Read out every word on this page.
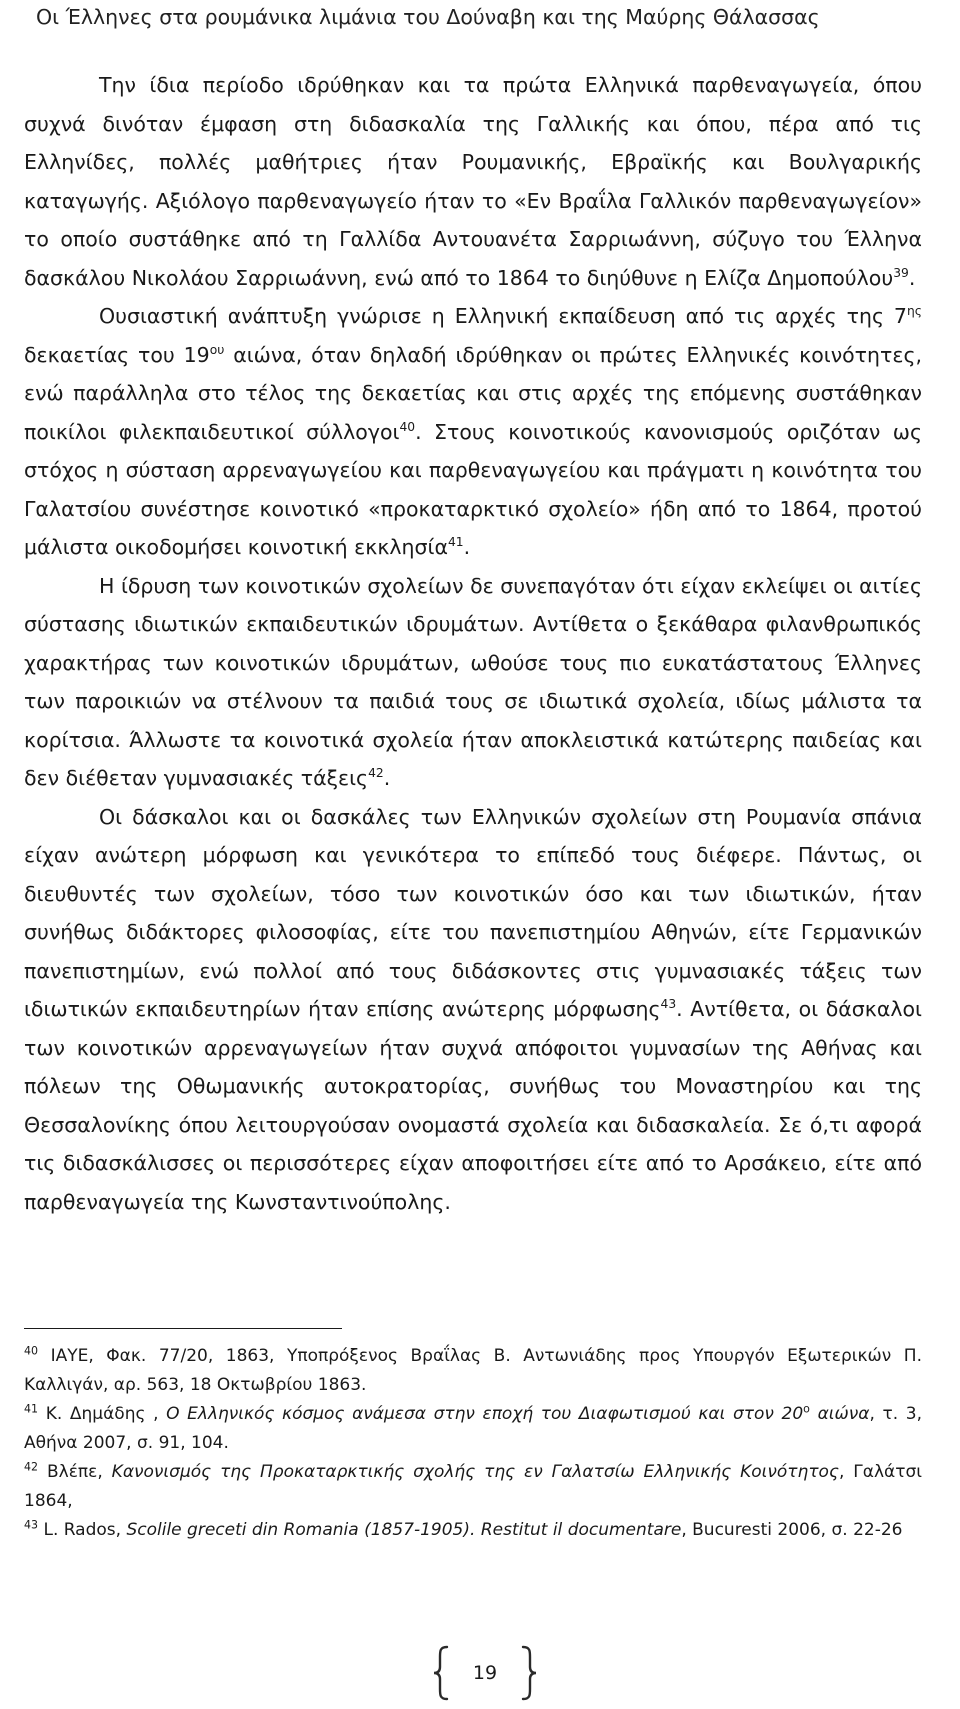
Οι Έλληνες στα ρουμάνικα λιμάνια του Δούναβη και της Μαύρης Θάλασσας

Την ίδια περίοδο ιδρύθηκαν και τα πρώτα Ελληνικά παρθεναγωγεία, όπου συχνά δινόταν έμφαση στη διδασκαλία της Γαλλικής και όπου, πέρα από τις Ελληνίδες, πολλές μαθήτριες ήταν Ρουμανικής, Εβραϊκής και Βουλγαρικής καταγωγής. Αξιόλογο παρθεναγωγείο ήταν το «Εν Βραΐλα Γαλλικόν παρθεναγωγείον» το οποίο συστάθηκε από τη Γαλλίδα Αντουανέτα Σαρριωάννη, σύζυγο του Έλληνα δασκάλου Νικολάου Σαρριωάννη, ενώ από το 1864 το διηύθυνε η Ελίζα Δημοπούλου$^{39}$.

Ουσιαστική ανάπτυξη γνώρισε η Ελληνική εκπαίδευση από τις αρχές της $7^{\eta\varsigma}$ δεκαετίας του $19^{o\upsilon}$ αιώνα, όταν δηλαδή ιδρύθηκαν οι πρώτες Ελληνικές κοινότητες, ενώ παράλληλα στο τέλος της δεκαετίας και στις αρχές της επόμενης συστάθηκαν ποικίλοι φιλεκπαιδευτικοί σύλλογοι$^{40}$. Στους κοινοτικούς κανονισμούς οριζόταν ως στόχος η σύσταση αρρεναγωγείου και παρθεναγωγείου και πράγματι η κοινότητα του Γαλατσίου συνέστησε κοινοτικό «προκαταρκτικό σχολείο» ήδη από το 1864, προτού μάλιστα οικοδομήσει κοινοτική εκκλησία$^{41}$.

Η ίδρυση των κοινοτικών σχολείων δε συνεπαγόταν ότι είχαν εκλείψει οι αιτίες σύστασης ιδιωτικών εκπαιδευτικών ιδρυμάτων. Αντίθετα ο ξεκάθαρα φιλανθρωπικός χαρακτήρας των κοινοτικών ιδρυμάτων, ωθούσε τους πιο ευκατάστατους Έλληνες των παροικιών να στέλνουν τα παιδιά τους σε ιδιωτικά σχολεία, ιδίως μάλιστα τα κορίτσια. Άλλωστε τα κοινοτικά σχολεία ήταν αποκλειστικά κατώτερης παιδείας και δεν διέθεταν γυμνασιακές τάξεις$^{42}$.

Οι δάσκαλοι και οι δασκάλες των Ελληνικών σχολείων στη Ρουμανία σπάνια είχαν ανώτερη μόρφωση και γενικότερα το επίπεδό τους διέφερε. Πάντως, οι διευθυντές των σχολείων, τόσο των κοινοτικών όσο και των ιδιωτικών, ήταν συνήθως διδάκτορες φιλοσοφίας, είτε του πανεπιστημίου Αθηνών, είτε Γερμανικών πανεπιστημίων, ενώ πολλοί από τους διδάσκοντες στις γυμνασιακές τάξεις των ιδιωτικών εκπαιδευτηρίων ήταν επίσης ανώτερης μόρφωσης$^{43}$. Αντίθετα, οι δάσκαλοι των κοινοτικών αρρεναγωγείων ήταν συχνά απόφοιτοι γυμνασίων της Αθήνας και πόλεων της Οθωμανικής αυτοκρατορίας, συνήθως του Μοναστηρίου και της Θεσσαλονίκης όπου λειτουργούσαν ονομαστά σχολεία και διδασκαλεία. Σε ό,τι αφορά τις διδασκάλισσες οι περισσότερες είχαν αποφοιτήσει είτε από το Αρσάκειο, είτε από παρθεναγωγεία της Κωνσταντινούπολης.

$^{40}$ ΙΑΥΕ, Φακ. 77/20, 1863, Υποπρόξενος Βραΐλας Β. Αντωνιάδης προς Υπουργόν Εξωτερικών Π. Καλλιγάν, αρ. 563, 18 Οκτωβρίου 1863.

$^{41}$ Κ. Δημάδης , Ο Ελληνικός κόσμος ανάμεσα στην εποχή του Διαφωτισμού και στον $20^o$ αιώνα, τ. 3, Αθήνα 2007, σ. 91, 104.

$^{42}$ Βλέπε, Κανονισμός της Προκαταρκτικής σχολής της εν Γαλατσίω Ελληνικής Κοινότητος, Γαλάτσι 1864,

$^{43}$ L. Rados, Scolile greceti din Romania (1857-1905). Restitut il documentare, Bucuresti 2006, σ. 22-26

19
